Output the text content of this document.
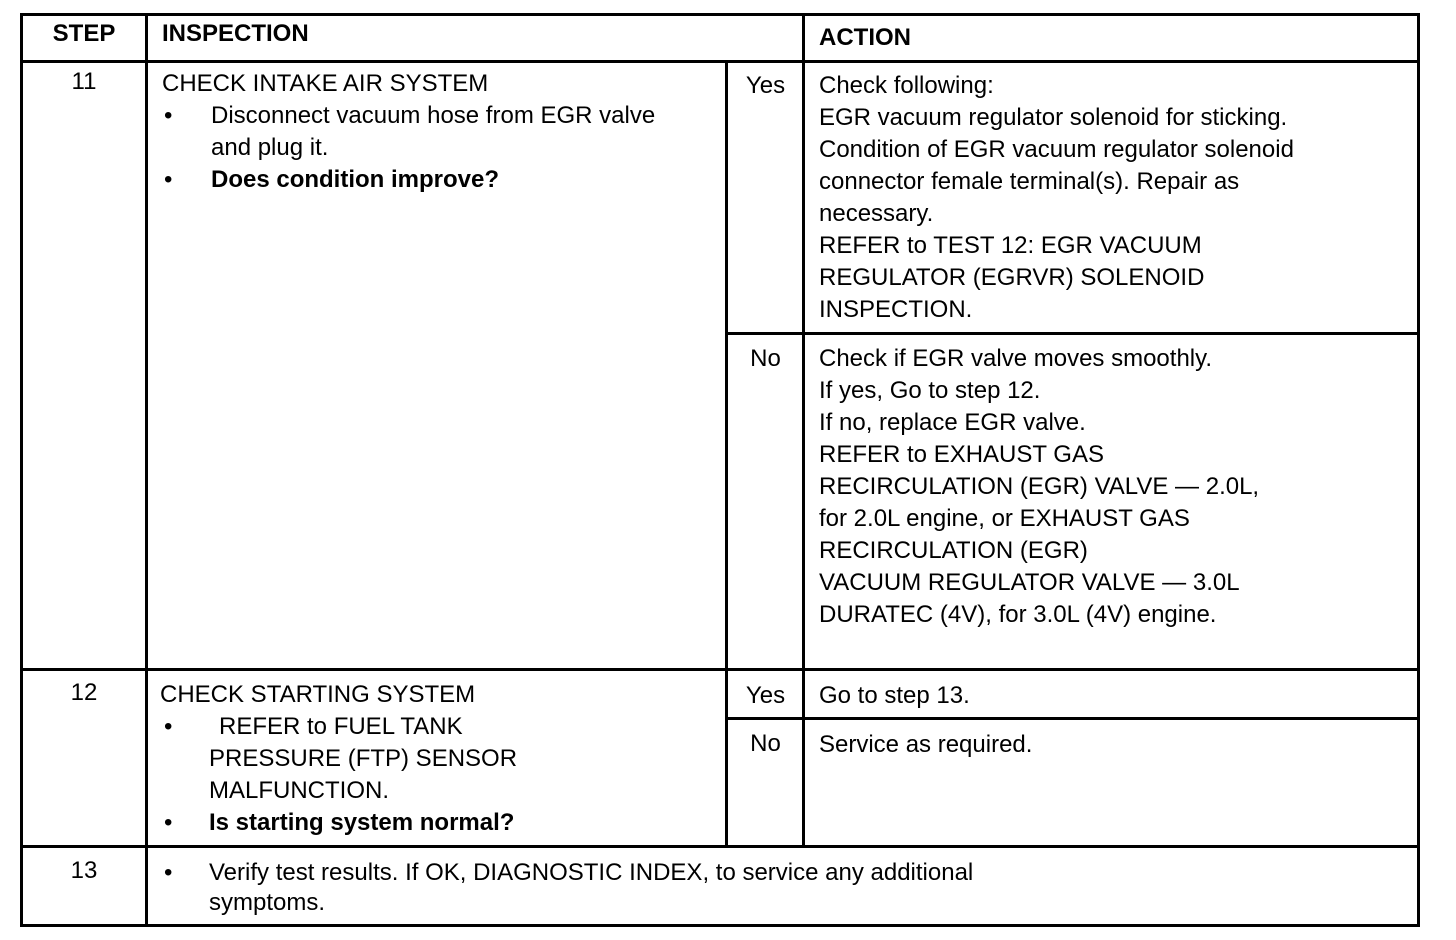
STEP	INSPECTION	ACTION
11	CHECK INTAKE AIR SYSTEM
• Disconnect vacuum hose from EGR valve
and plug it.
• Does condition improve?
Yes	Check following:
EGR vacuum regulator solenoid for sticking.
Condition of EGR vacuum regulator solenoid
connector female terminal(s). Repair as
necessary.
REFER to TEST 12: EGR VACUUM
REGULATOR (EGRVR) SOLENOID
INSPECTION.
No	Check if EGR valve moves smoothly.
If yes, Go to step 12.
If no, replace EGR valve.
REFER to EXHAUST GAS
RECIRCULATION (EGR) VALVE — 2.0L,
for 2.0L engine, or EXHAUST GAS
RECIRCULATION (EGR)
VACUUM REGULATOR VALVE — 3.0L
DURATEC (4V), for 3.0L (4V) engine.
12	CHECK STARTING SYSTEM
• REFER to FUEL TANK
PRESSURE (FTP) SENSOR
MALFUNCTION.
• Is starting system normal?
Yes	Go to step 13.
No	Service as required.
13	• Verify test results. If OK, DIAGNOSTIC INDEX, to service any additional
symptoms.
